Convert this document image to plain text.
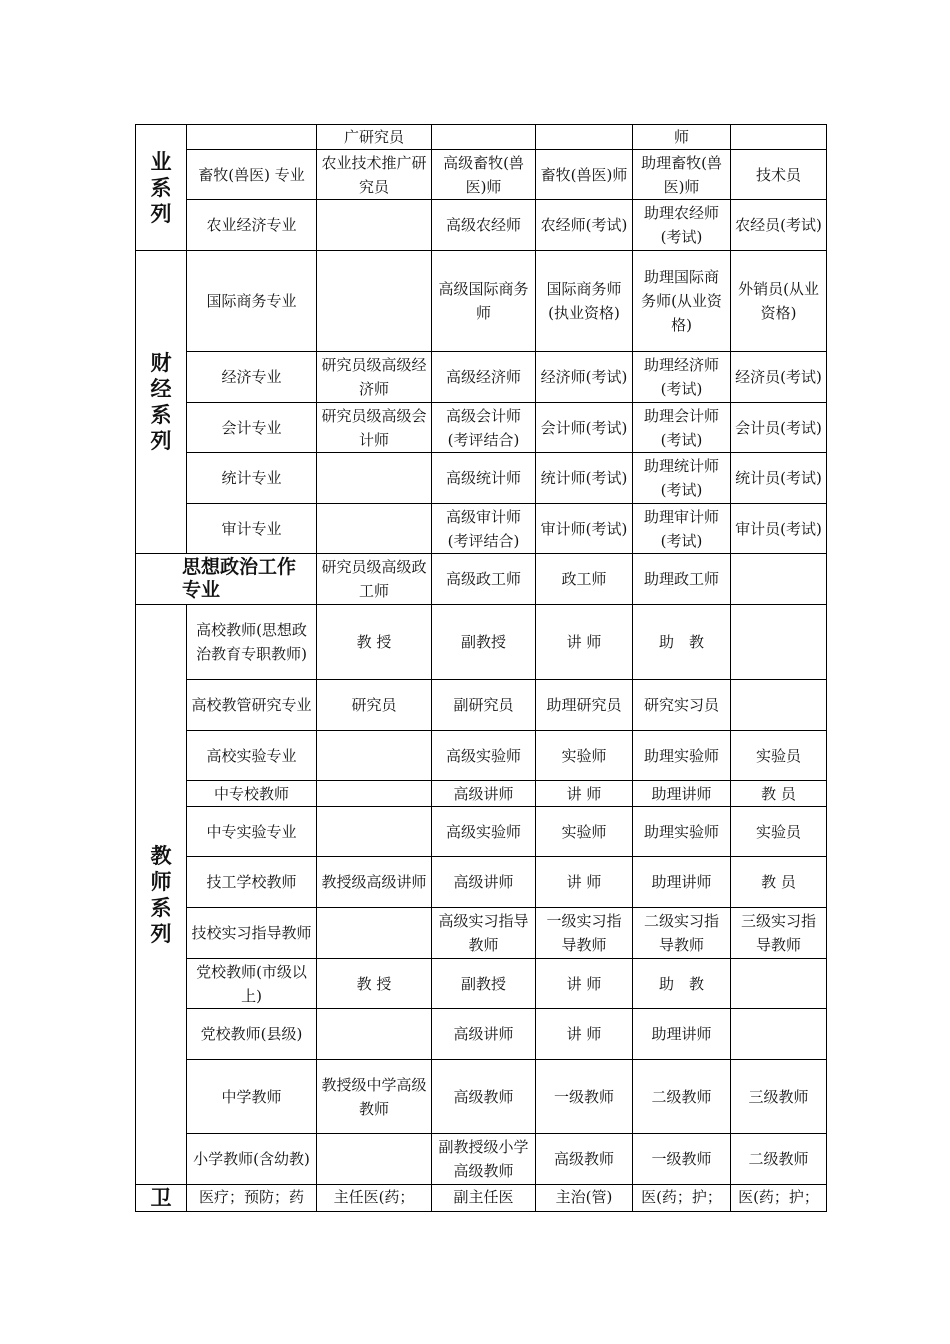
业系列		广研究员			师	
	畜牧(兽医) 专业	农业技术推广研究员	高级畜牧(兽医)师	畜牧(兽医)师	助理畜牧(兽医)师	技术员
	农业经济专业		高级农经师	农经师(考试)	助理农经师(考试)	农经员(考试)

财经系列	国际商务专业		高级国际商务师	国际商务师(执业资格)	助理国际商务师(从业资格)	外销员(从业资格)
	经济专业	研究员级高级经济师	高级经济师	经济师(考试)	助理经济师(考试)	经济员(考试)
	会计专业	研究员级高级会计师	高级会计师(考评结合)	会计师(考试)	助理会计师(考试)	会计员(考试)
	统计专业		高级统计师	统计师(考试)	助理统计师(考试)	统计员(考试)
	审计专业		高级审计师(考评结合)	审计师(考试)	助理审计师(考试)	审计员(考试)
思想政治工作专业		研究员级高级政工师	高级政工师	政工师	助理政工师	

教师系列	高校教师(思想政治教育专职教师)	教 授	副教授	讲 师	助　教	
	高校教管研究专业	研究员	副研究员	助理研究员	研究实习员	
	高校实验专业		高级实验师	实验师	助理实验师	实验员
	中专校教师		高级讲师	讲 师	助理讲师	教 员
	中专实验专业		高级实验师	实验师	助理实验师	实验员
	技工学校教师	教授级高级讲师	高级讲师	讲 师	助理讲师	教 员
	技校实习指导教师		高级实习指导教师	一级实习指导教师	二级实习指导教师	三级实习指导教师
	党校教师(市级以上)	教 授	副教授	讲 师	助　教	
	党校教师(县级)		高级讲师	讲 师	助理讲师	
	中学教师	教授级中学高级教师	高级教师	一级教师	二级教师	三级教师
	小学教师(含幼教)		副教授级小学高级教师	高级教师	一级教师	二级教师
卫	医疗；预防；药	主任医(药；	副主任医	主治(管)	医(药；护；	医(药；护；
